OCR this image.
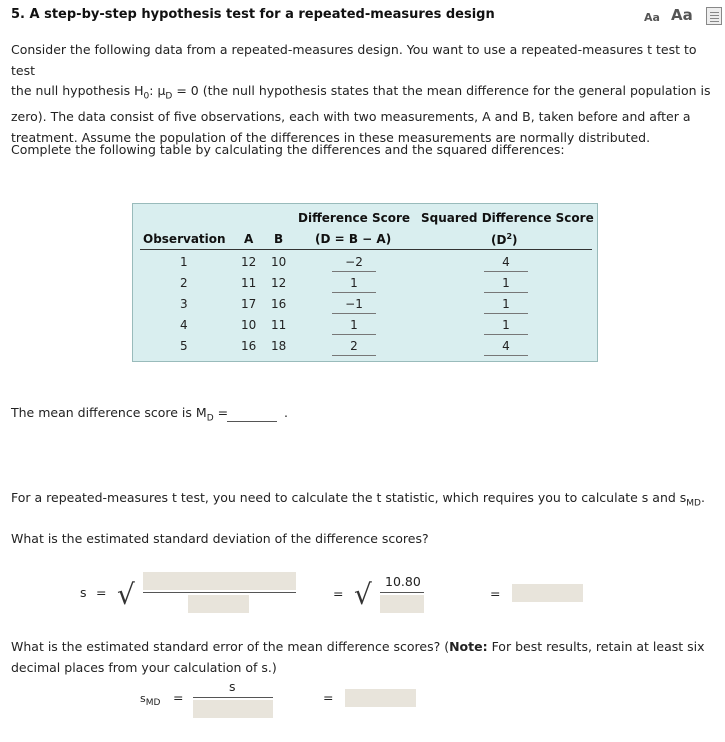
5. A step-by-step hypothesis test for a repeated-measures design	Aa Aa
Consider the following data from a repeated-measures design. You want to use a repeated-measures t test to test
the null hypothesis $H_0$: $\mu_D = 0$ (the null hypothesis states that the mean difference for the general population is
zero). The data consist of five observations, each with two measurements, A and B, taken before and after a
treatment. Assume the population of the differences in these measurements are normally distributed.
Complete the following table by calculating the differences and the squared differences:
Difference Score Squared Difference Score
Observation A B	(D = B − A)	$(D^2)$
1	12 10	−2	4
2	11 12	1	1
3	17 16	−1	1
4	10 11	1	1
5	16 18	2	4
The mean difference score is $M_D$ =	.
For a repeated-measures t test, you need to calculate the t statistic, which requires you to calculate s and $s_{MD}$.
What is the estimated standard deviation of the difference scores?
s = √	= √ 10.80
=
What is the estimated standard error of the mean difference scores? (Note: For best results, retain at least six
decimal places from your calculation of s.)
$s_{MD}$ =
s
=
